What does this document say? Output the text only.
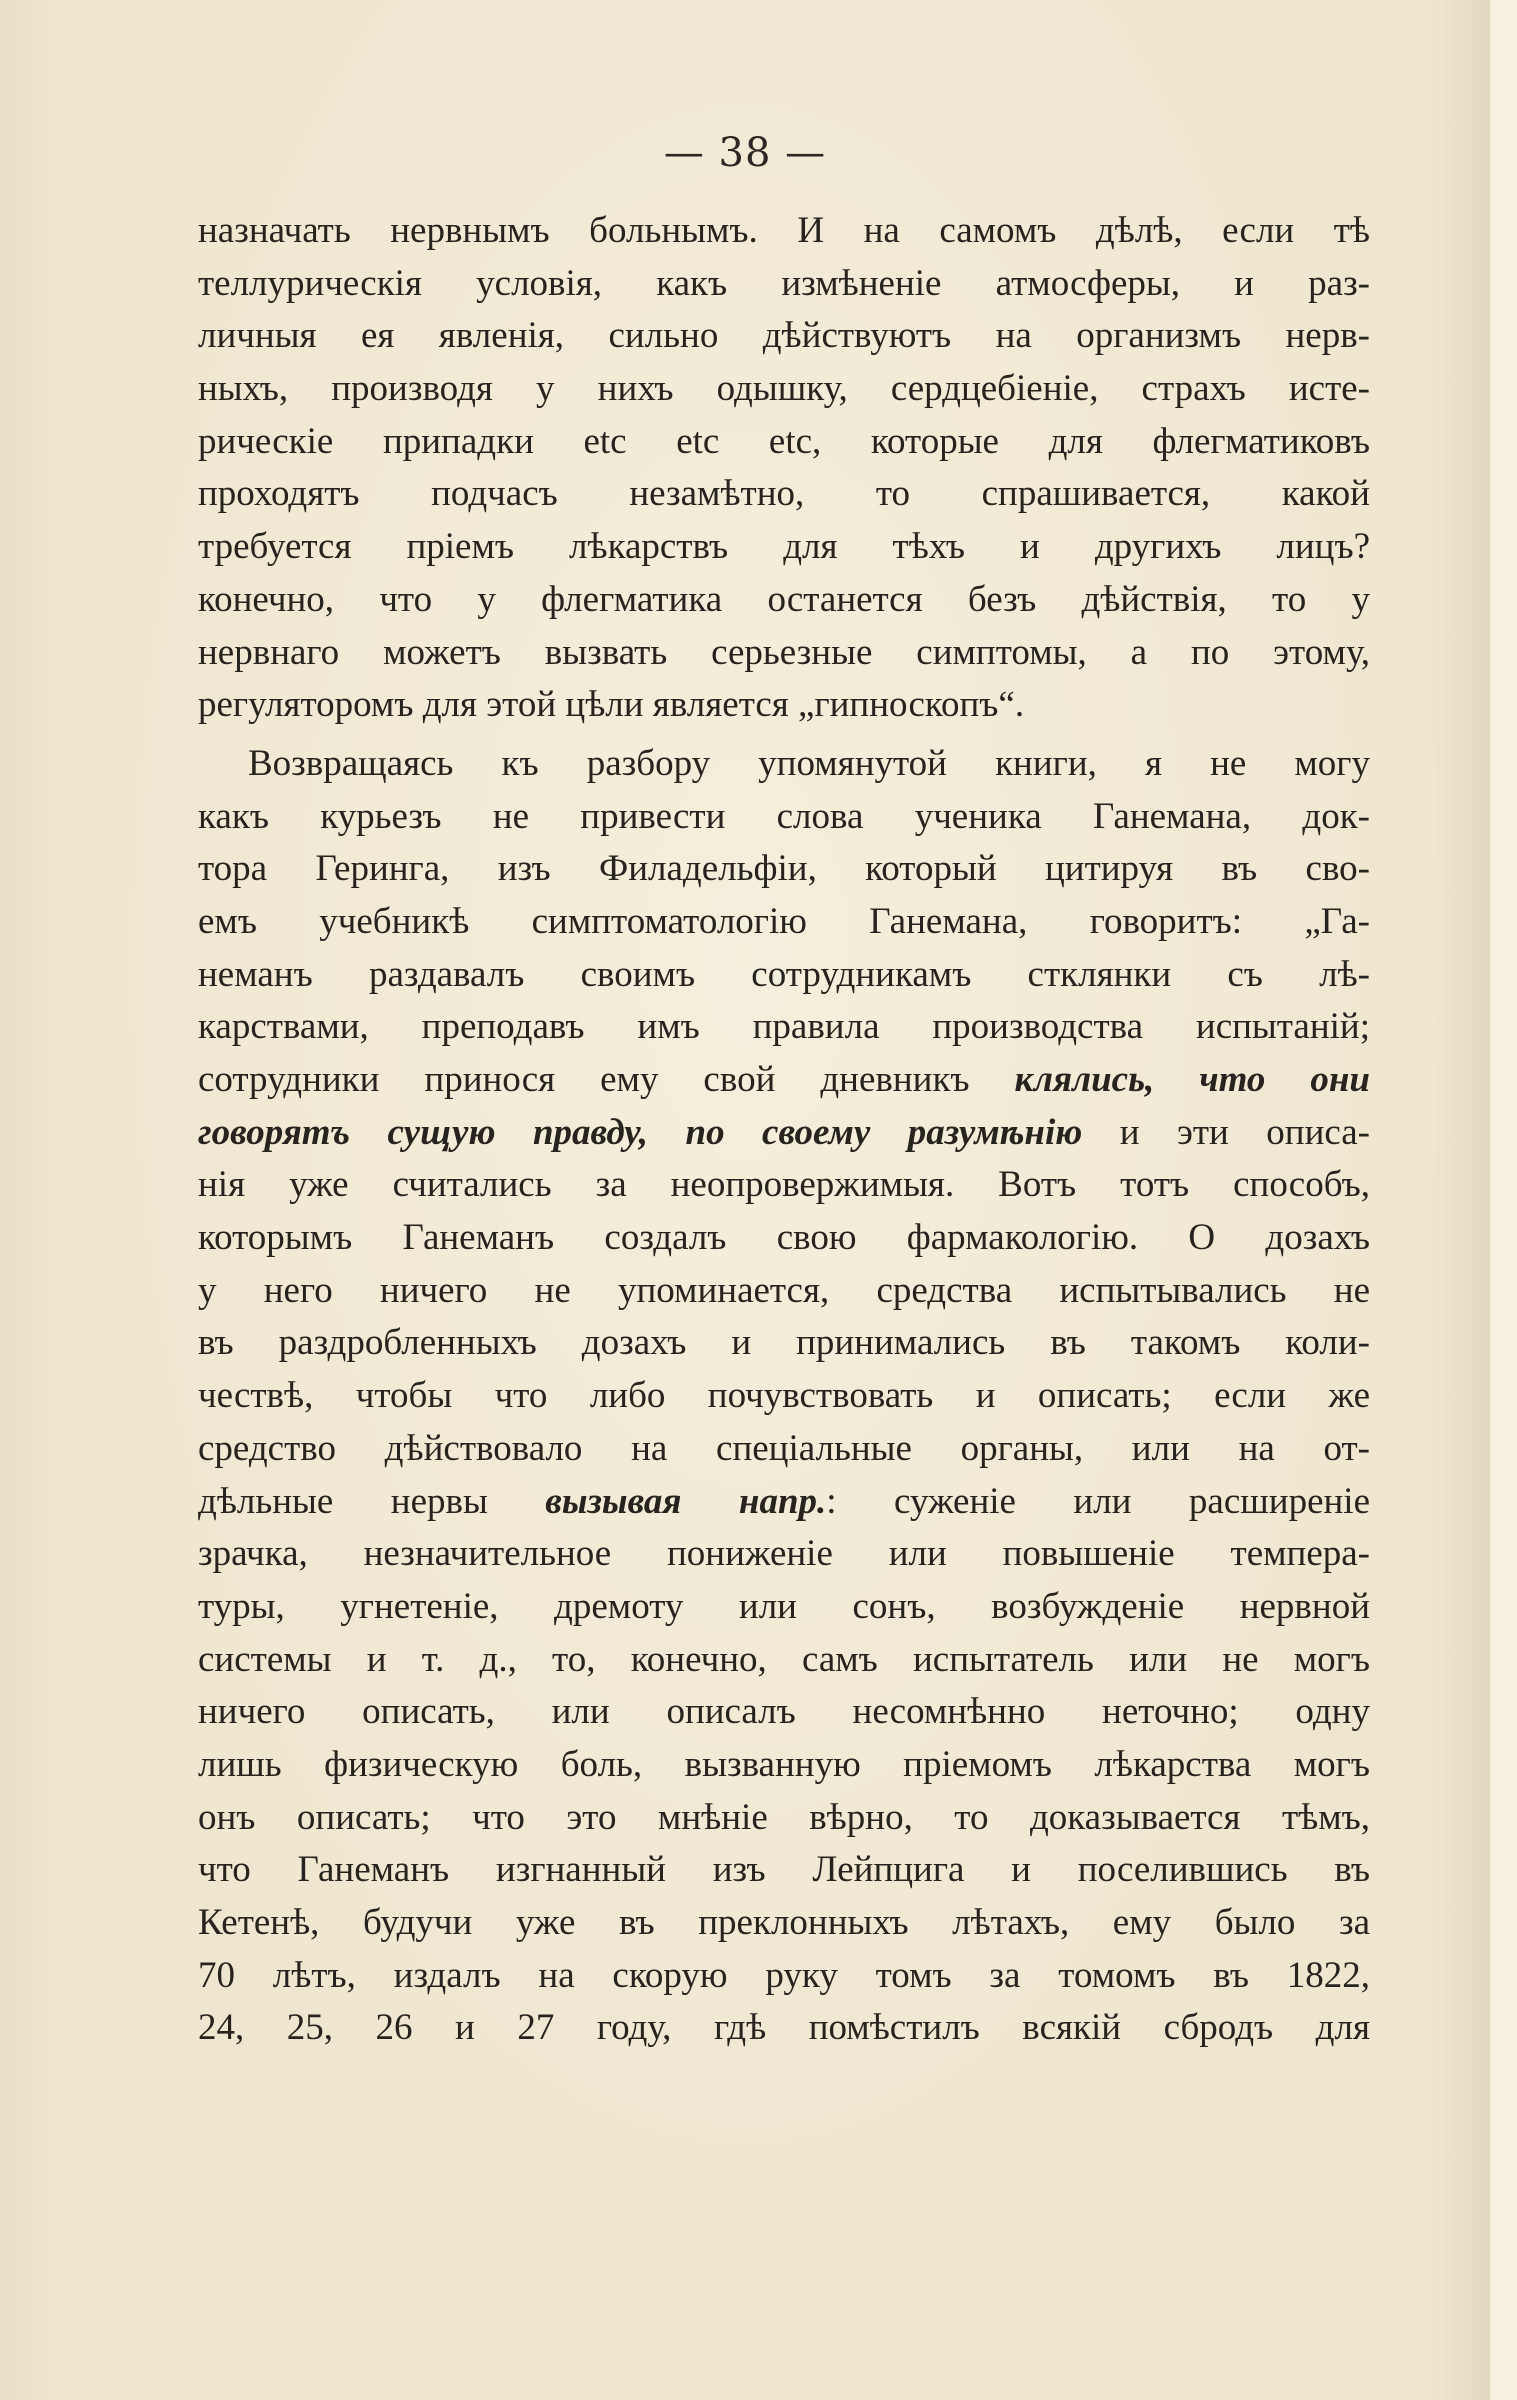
— 38 —
назначать нервнымъ больнымъ. И на самомъ дѣлѣ, если тѣ
теллурическія условія, какъ измѣненіе атмосферы, и раз-
личныя ея явленія, сильно дѣйствуютъ на организмъ нерв-
ныхъ, производя у нихъ одышку, сердцебіеніе, страхъ исте-
рическіе припадки etc etc etc, которые для флегматиковъ
проходятъ подчасъ незамѣтно, то спрашивается, какой
требуется пріемъ лѣкарствъ для тѣхъ и другихъ лицъ?
конечно, что у флегматика останется безъ дѣйствія, то у
нервнаго можетъ вызвать серьезные симптомы, а по этому,
регуляторомъ для этой цѣли является „гипноскопъ“.
Возвращаясь къ разбору упомянутой книги, я не могу
какъ курьезъ не привести слова ученика Ганемана, док-
тора Геринга, изъ Филадельфіи, который цитируя въ сво-
емъ учебникѣ симптоматологію Ганемана, говоритъ: „Га-
неманъ раздавалъ своимъ сотрудникамъ стклянки съ лѣ-
карствами, преподавъ имъ правила производства испытаній;
сотрудники принося ему свой дневникъ клялись, что они
говорятъ сущую правду, по своему разумѣнію и эти описа-
нія уже считались за неопровержимыя. Вотъ тотъ способъ,
которымъ Ганеманъ создалъ свою фармакологію. О дозахъ
у него ничего не упоминается, средства испытывались не
въ раздробленныхъ дозахъ и принимались въ такомъ коли-
чествѣ, чтобы что либо почувствовать и описать; если же
средство дѣйствовало на спеціальные органы, или на от-
дѣльные нервы вызывая напр.: суженіе или расширеніе
зрачка, незначительное пониженіе или повышеніе темпера-
туры, угнетеніе, дремоту или сонъ, возбужденіе нервной
системы и т. д., то, конечно, самъ испытатель или не могъ
ничего описать, или описалъ несомнѣнно неточно; одну
лишь физическую боль, вызванную пріемомъ лѣкарства могъ
онъ описать; что это мнѣніе вѣрно, то доказывается тѣмъ,
что Ганеманъ изгнанный изъ Лейпцига и поселившись въ
Кетенѣ, будучи уже въ преклонныхъ лѣтахъ, ему было за
70 лѣтъ, издалъ на скорую руку томъ за томомъ въ 1822,
24, 25, 26 и 27 году, гдѣ помѣстилъ всякій сбродъ для
